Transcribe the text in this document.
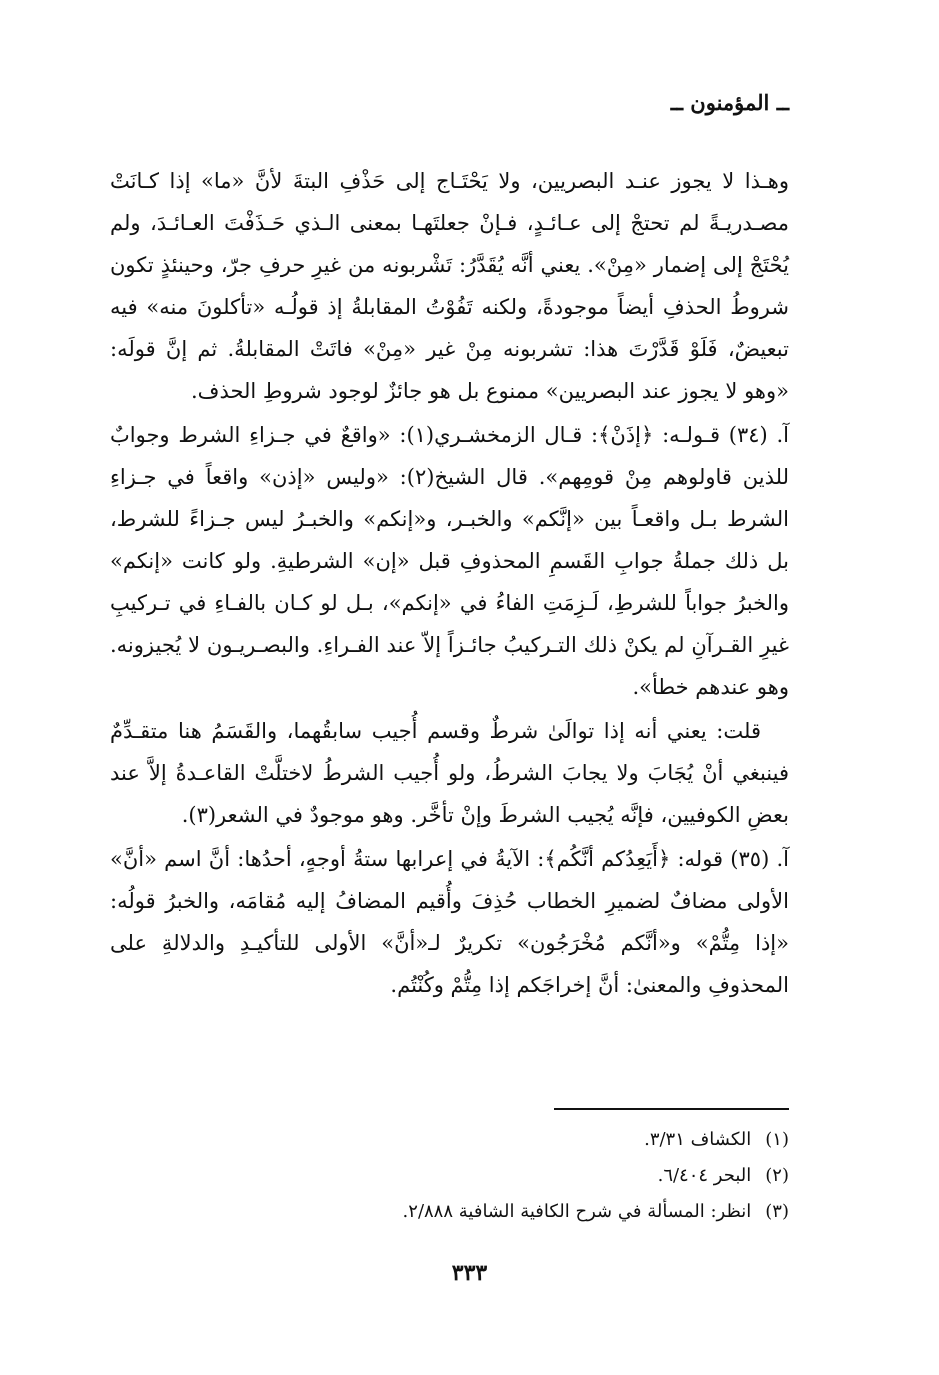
ــ المؤمنون ــ

وهـذا لا يجوز عنـد البصريين، ولا يَحْتَـاج إلى حَذْفِ البتةَ لأنَّ «ما» إذا كـانَتْ مصـدريـةً لم تحتجْ إلى عـائـدٍ، فـإنْ جعلتَهـا بمعنى الـذي حَـذَفْتَ العـائـدَ، ولم يُحْتَجْ إلى إضمار «مِنْ». يعني أنَّه يُقَدَّرُ: تَشْربونه من غيرِ حرفِ جرّ، وحينئذٍ تكون شروطُ الحذفِ أيضاً موجودةً، ولكنه تَفُوْتُ المقابلةُ إذ قولُـه «تأكلونَ منه» فيه تبعيضٌ، فَلَوْ قَدَّرْتَ هذا: تشربونه مِنْ غير «مِنْ» فاتَتْ المقابلةُ. ثم إنَّ قولَه: «وهو لا يجوز عند البصريين» ممنوع بل هو جائزٌ لوجود شروطِ الحذف.

آ. (٣٤) قـولـه: ﴿إذَنْ﴾: قـال الزمخشـري(١): «واقعٌ في جـزاءِ الشرط وجوابٌ للذين قاولوهم مِنْ قومِهم». قال الشيخ(٢): «وليس «إذن» واقعاً في جـزاءِ الشرط بـل واقعـاً بين «إنَّكم» والخبـر، و«إنكم» والخبـرُ ليس جـزاءً للشرط، بل ذلك جملةُ جوابِ القَسمِ المحذوفِ قبل «إن» الشرطيةِ. ولو كانت «إنكم» والخبرُ جواباً للشرطِ، لَـزِمَتِ الفاءُ في «إنكم»، بـل لو كـان بالفـاءِ في تـركيبِ غيرِ القـرآنِ لم يكنْ ذلك التـركيبُ جائـزاً إلاّ عند الفـراءِ. والبصـريـون لا يُجيزونه. وهو عندهم خطأ».

قلت: يعني أنه إذا توالَىٰ شرطٌ وقسم أُجيب سابقُهما، والقَسَمُ هنا متقـدِّمٌ فينبغي أنْ يُجَابَ ولا يجابَ الشرطُ، ولو أُجيب الشرطُ لاختلَّتْ القاعـدةُ إلاَّ عند بعضِ الكوفيين، فإنَّه يُجيب الشرطَ وإنْ تأخَّر. وهو موجودٌ في الشعر(٣).

آ. (٣٥) قوله: ﴿أَيَعِدُكم أنَّكُم﴾: الآيةُ في إعرابها ستةُ أوجهٍ، أحدُها: أنَّ اسم «أنَّ» الأولى مضافٌ لضميرِ الخطاب حُذِفَ وأُقيم المضافُ إليه مُقامَه، والخبرُ قولُه: «إذا مِتُّمْ» و«أنَّكم مُخْرَجُون» تكريرٌ لـ«أنَّ» الأولى للتأكيـدِ والدلالةِ على المحذوفِ والمعنىٰ: أنَّ إخراجَكم إذا مِتُّمْ وكُنْتُم.

(١)الكشاف ٣/٣١.
(٢)البحر ٦/٤٠٤.
(٣)انظر: المسألة في شرح الكافية الشافية ٢/٨٨٨.
٣٣٣
